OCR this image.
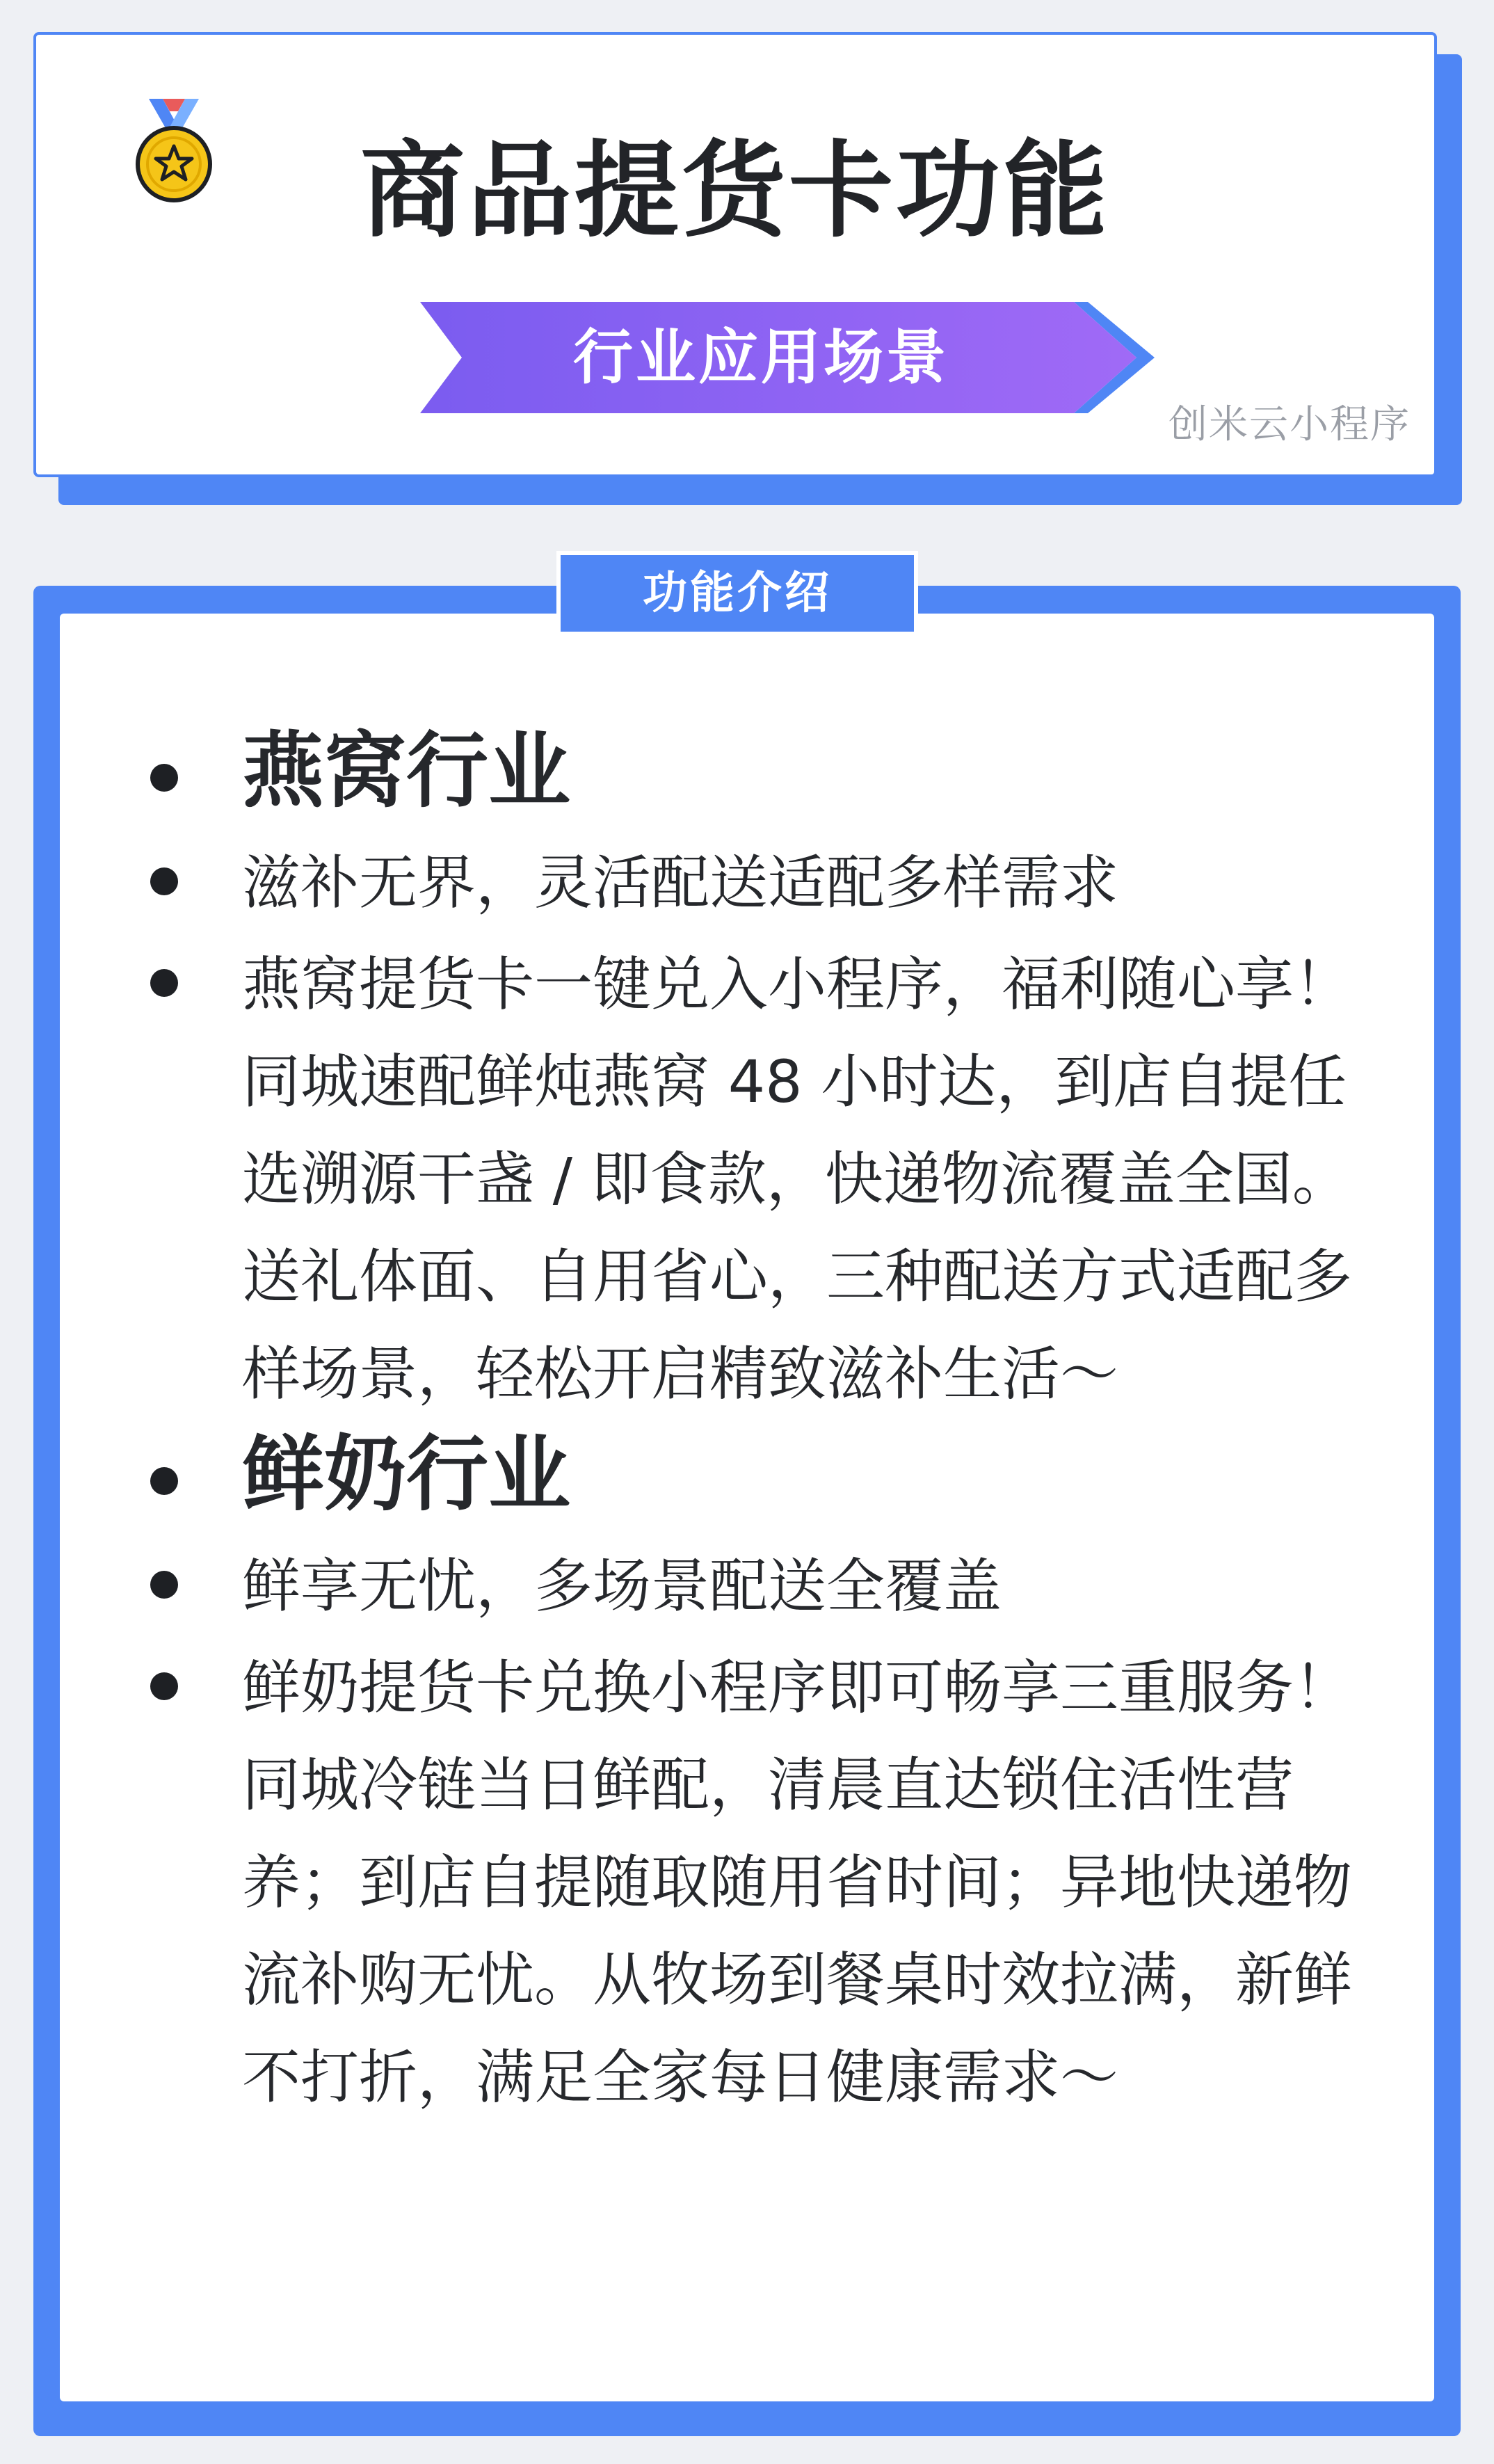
商品提货卡功能
行业应用场景
创米云小程序
功能介绍
燕窝行业
滋补无界，灵活配送适配多样需求
燕窝提货卡一键兑入小程序，福利随心享！同城速配鲜炖燕窝 48 小时达，到店自提任选溯源干盏 / 即食款，快递物流覆盖全国。送礼体面、自用省心，三种配送方式适配多样场景，轻松开启精致滋补生活～
鲜奶行业
鲜享无忧，多场景配送全覆盖
鲜奶提货卡兑换小程序即可畅享三重服务！同城冷链当日鲜配，清晨直达锁住活性营养；到店自提随取随用省时间；异地快递物流补购无忧。从牧场到餐桌时效拉满，新鲜不打折，满足全家每日健康需求～
